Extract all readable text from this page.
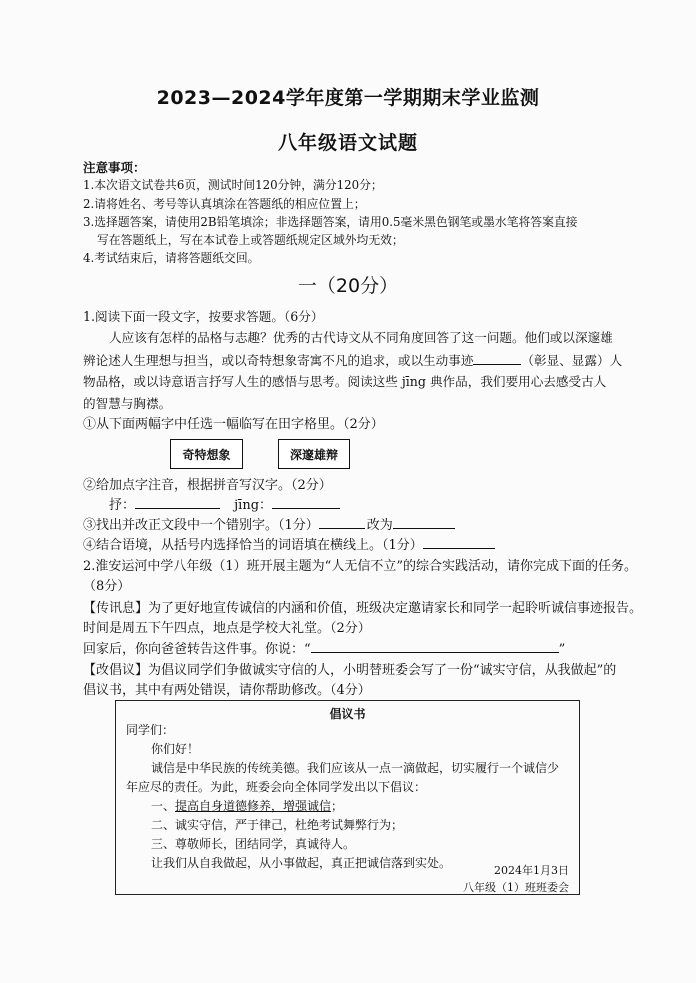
2023—2024学年度第一学期期末学业监测
八年级语文试题
注意事项：
1.本次语文试卷共6页，测试时间120分钟，满分120分；
2.请将姓名、考号等认真填涂在答题纸的相应位置上；
3.选择题答案，请使用2B铅笔填涂；非选择题答案，请用0.5毫米黑色钢笔或墨水笔将答案直接
写在答题纸上，写在本试卷上或答题纸规定区域外均无效；
4.考试结束后，请将答题纸交回。
一（20分）
1.阅读下面一段文字，按要求答题。（6分）
人应该有怎样的品格与志趣？优秀的古代诗文从不同角度回答了这一问题。他们或以深邃雄
辨论述人生理想与担当，或以奇特想象寄寓不凡的追求，或以生动事迹	（彰显、显露）人
物品格，或以诗意语言抒写人生的感悟与思考。阅读这些 jīng 典作品，我们要用心去感受古人
的智慧与胸襟。
①从下面两幅字中任选一幅临写在田字格里。（2分）
奇特想象	深邃雄辩
②给加点字注音，根据拼音写汉字。（2分）
抒：	jīng：
③找出并改正文段中一个错别字。（1分）	改为
④结合语境，从括号内选择恰当的词语填在横线上。（1分）
2.淮安运河中学八年级（1）班开展主题为“人无信不立”的综合实践活动，请你完成下面的任务。
（8分）
【传讯息】为了更好地宣传诚信的内涵和价值，班级决定邀请家长和同学一起聆听诚信事迹报告。
时间是周五下午四点，地点是学校大礼堂。（2分）
回家后，你向爸爸转告这件事。你说：“	”
【改倡议】为倡议同学们争做诚实守信的人，小明替班委会写了一份“诚实守信，从我做起”的
倡议书，其中有两处错误，请你帮助修改。（4分）
倡议书
同学们：
你们好！
诚信是中华民族的传统美德。我们应该从一点一滴做起，切实履行一个诚信少
年应尽的责任。为此，班委会向全体同学发出以下倡议：
一、提高自身道德修养，增强诚信；
二、诚实守信，严于律己，杜绝考试舞弊行为；
三、尊敬师长，团结同学，真诚待人。
让我们从自我做起，从小事做起，真正把诚信落到实处。
2024年1月3日
八年级（1）班班委会
